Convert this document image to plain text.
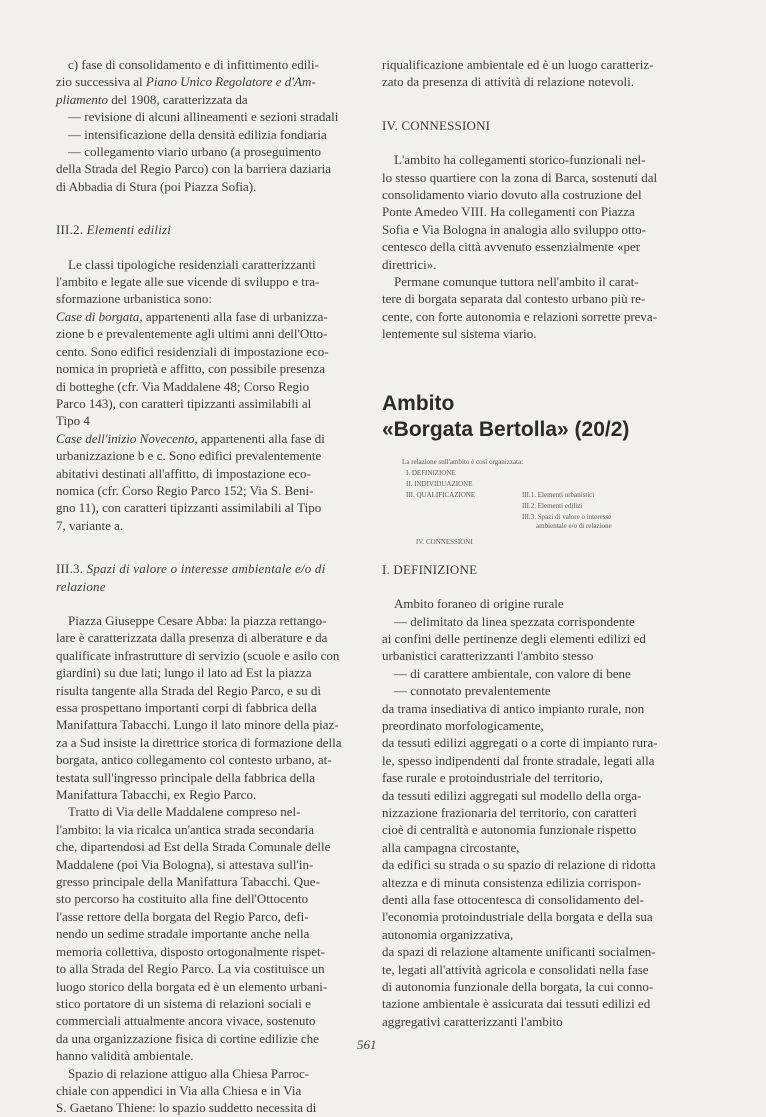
c) fase di consolidamento e di infittimento edili-
zio successiva al Piano Unico Regolatore e d'Am-
pliamento del 1908, caratterizzata da

— revisione di alcuni allineamenti e sezioni stradali

— intensificazione della densità edilizia fondiaria

— collegamento viario urbano (a proseguimento

della Strada del Regio Parco) con la barriera daziaria

di Abbadia di Stura (poi Piazza Sofia).

III.2. Elementi edilizi

Le classi tipologiche residenziali caratterizzanti

l'ambito e legate alle sue vicende di sviluppo e tra-

sformazione urbanistica sono:

Case di borgata, appartenenti alla fase di urbanizza-

zione b e prevalentemente agli ultimi anni dell'Otto-

cento. Sono edifici residenziali di impostazione eco-

nomica in proprietà e affitto, con possibile presenza

di botteghe (cfr. Via Maddalene 48; Corso Regio

Parco 143), con caratteri tipizzanti assimilabili al

Tipo 4

Case dell'inizio Novecento, appartenenti alla fase di

urbanizzazione b e c. Sono edifici prevalentemente

abitativi destinati all'affitto, di impostazione eco-

nomica (cfr. Corso Regio Parco 152; Via S. Beni-

gno 11), con caratteri tipizzanti assimilabili al Tipo

7, variante a.

III.3. Spazi di valore o interesse ambientale e/o di

relazione

Piazza Giuseppe Cesare Abba: la piazza rettango-

lare è caratterizzata dalla presenza di alberature e da

qualificate infrastrutture di servizio (scuole e asilo con

giardini) su due lati; lungo il lato ad Est la piazza

risulta tangente alla Strada del Regio Parco, e su di

essa prospettano importanti corpi di fabbrica della

Manifattura Tabacchi. Lungo il lato minore della piaz-

za a Sud insiste la direttrice storica di formazione della

borgata, antico collegamento col contesto urbano, at-

testata sull'ingresso principale della fabbrica della

Manifattura Tabacchi, ex Regio Parco.

Tratto di Via delle Maddalene compreso nel-

l'ambito: la via ricalca un'antica strada secondaria

che, dipartendosi ad Est della Strada Comunale delle

Maddalene (poi Via Bologna), si attestava sull'in-

gresso principale della Manifattura Tabacchi. Que-

sto percorso ha costituito alla fine dell'Ottocento

l'asse rettore della borgata del Regio Parco, defi-

nendo un sedime stradale importante anche nella

memoria collettiva, disposto ortogonalmente rispet-

to alla Strada del Regio Parco. La via costituisce un

luogo storico della borgata ed è un elemento urbani-

stico portatore di un sistema di relazioni sociali e

commerciali attualmente ancora vivace, sostenuto

da una organizzazione fisica di cortine edilizie che

hanno validità ambientale.

Spazio di relazione attiguo alla Chiesa Parroc-

chiale con appendici in Via alla Chiesa e in Via

S. Gaetano Thiene: lo spazio suddetto necessita di

riqualificazione ambientale ed è un luogo caratteriz-

zato da presenza di attività di relazione notevoli.

IV. CONNESSIONI

L'ambito ha collegamenti storico-funzionali nel-

lo stesso quartiere con la zona di Barca, sostenuti dal

consolidamento viario dovuto alla costruzione del

Ponte Amedeo VIII. Ha collegamenti con Piazza

Sofia e Via Bologna in analogia allo sviluppo otto-

centesco della città avvenuto essenzialmente «per

direttrici».

Permane comunque tuttora nell'ambito il carat-

tere di borgata separata dal contesto urbano più re-

cente, con forte autonomia e relazioni sorrette preva-

lentemente sul sistema viario.

Ambito

«Borgata Bertolla» (20/2)

La relazione sull'ambito è così organizzata:
I. DEFINIZIONE
II. INDIVIDUAZIONE
III. QUALIFICAZIONE	III.1. Elementi urbanistici
III.2. Elementi edilizi
III.3. Spazi di valore o interesse
ambientale e/o di relazione
IV. CONNESSIONI

I. DEFINIZIONE

Ambito foraneo di origine rurale

— delimitato da linea spezzata corrispondente

ai confini delle pertinenze degli elementi edilizi ed

urbanistici caratterizzanti l'ambito stesso

— di carattere ambientale, con valore di bene

— connotato prevalentemente

da trama insediativa di antico impianto rurale, non

preordinato morfologicamente,

da tessuti edilizi aggregati o a corte di impianto rura-

le, spesso indipendenti dal fronte stradale, legati alla

fase rurale e protoindustriale del territorio,

da tessuti edilizi aggregati sul modello della orga-

nizzazione frazionaria del territorio, con caratteri

cioè di centralità e autonomia funzionale rispetto

alla campagna circostante,

da edifici su strada o su spazio di relazione di ridotta

altezza e di minuta consistenza edilizia corrispon-

denti alla fase ottocentesca di consolidamento del-

l'economia protoindustriale della borgata e della sua

autonomia organizzativa,

da spazi di relazione altamente unificanti socialmen-

te, legati all'attività agricola e consolidati nella fase

di autonomia funzionale della borgata, la cui conno-

tazione ambientale è assicurata dai tessuti edilizi ed

aggregativi caratterizzanti l'ambito

561
